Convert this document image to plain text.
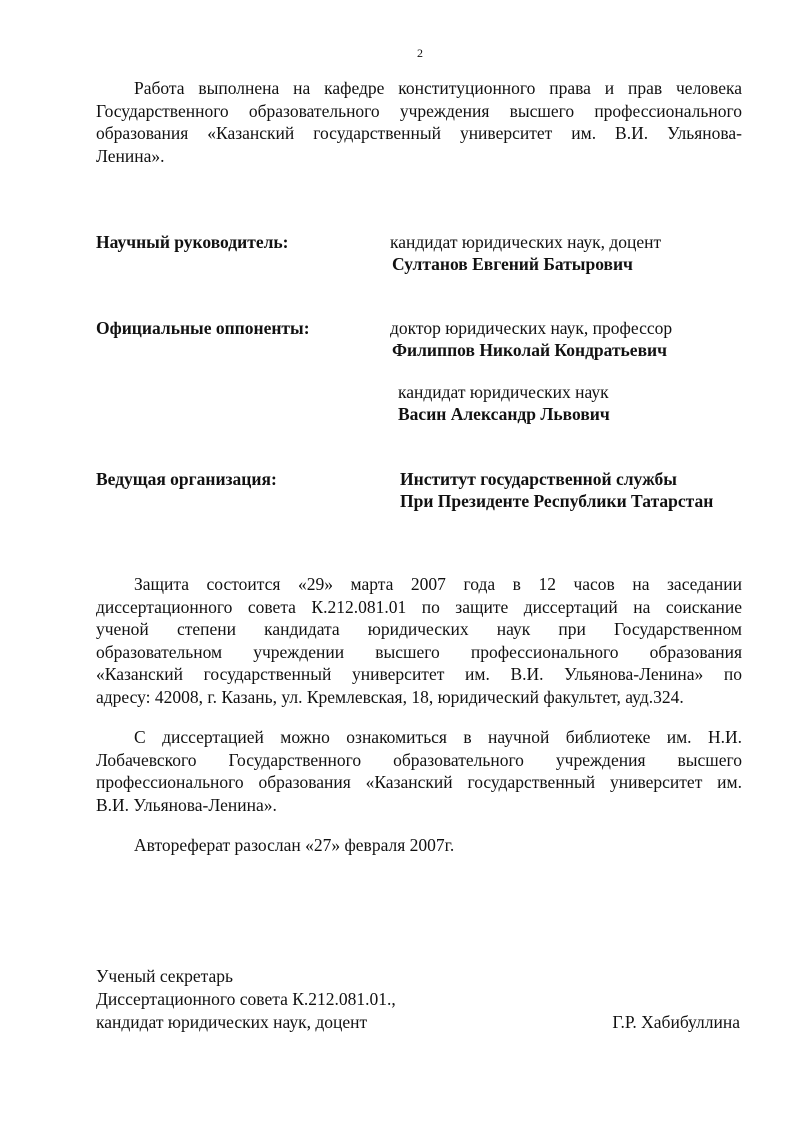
2
Работа выполнена на кафедре конституционного права и прав человека
Государственного образовательного учреждения высшего профессионального
образования «Казанский государственный университет им. В.И. Ульянова-
Ленина».
Научный руководитель:	кандидат юридических наук, доцент
Султанов Евгений Батырович
Официальные оппоненты:	доктор юридических наук, профессор
Филиппов Николай Кондратьевич
кандидат юридических наук
Васин Александр Львович
Ведущая организация:	Институт государственной службы
При Президенте Республики Татарстан
Защита состоится «29» марта 2007 года в 12 часов на заседании
диссертационного совета К.212.081.01 по защите диссертаций на соискание
ученой степени кандидата юридических наук при Государственном
образовательном учреждении высшего профессионального образования
«Казанский государственный университет им. В.И. Ульянова-Ленина» по
адресу: 42008, г. Казань, ул. Кремлевская, 18, юридический факультет, ауд.324.
С диссертацией можно ознакомиться в научной библиотеке им. Н.И.
Лобачевского Государственного образовательного учреждения высшего
профессионального образования «Казанский государственный университет им.
В.И. Ульянова-Ленина».
Автореферат разослан «27» февраля 2007г.
Ученый секретарь
Диссертационного совета К.212.081.01.,
кандидат юридических наук, доцент	Г.Р. Хабибуллина
